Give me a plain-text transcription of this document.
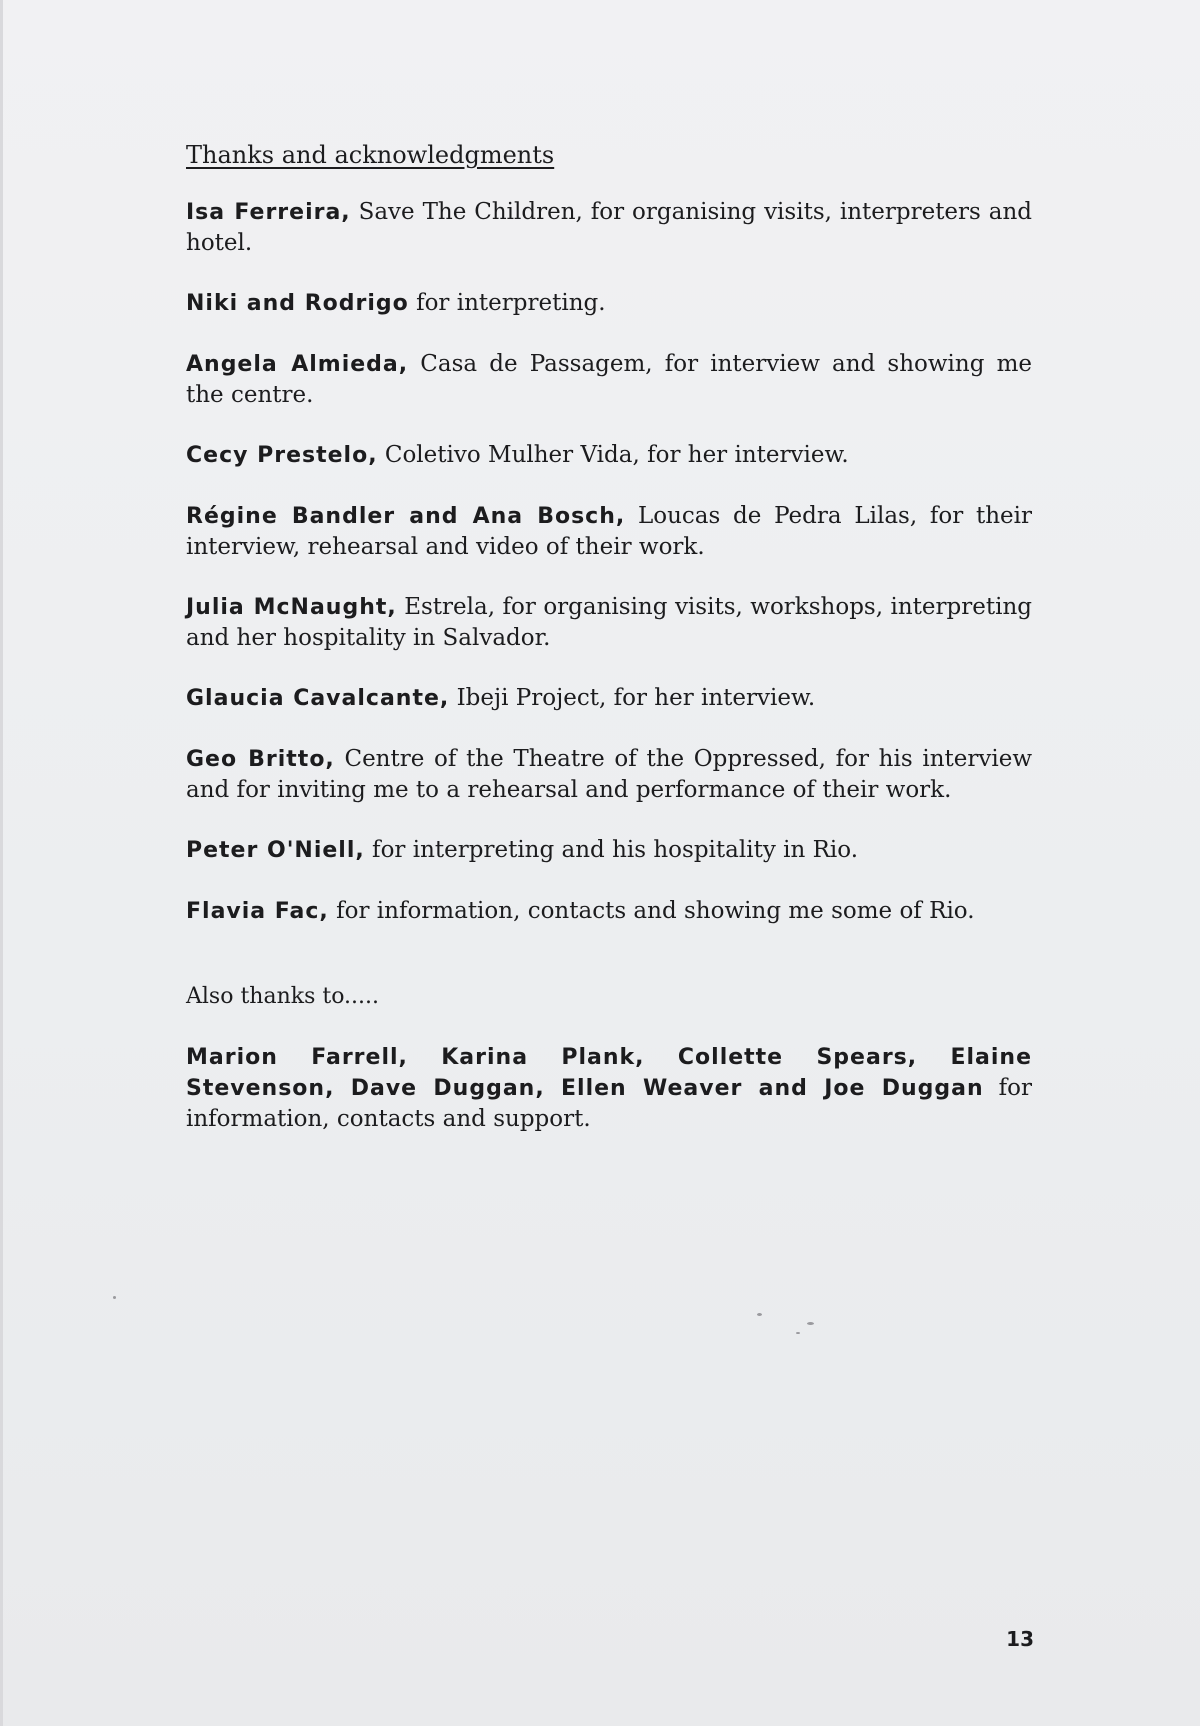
Thanks and acknowledgments

Isa Ferreira, Save The Children, for organising visits, interpreters and hotel.

Niki and Rodrigo for interpreting.

Angela Almieda, Casa de Passagem, for interview and showing me the centre.

Cecy Prestelo, Coletivo Mulher Vida, for her interview.

Régine Bandler and Ana Bosch, Loucas de Pedra Lilas, for their interview, rehearsal and video of their work.

Julia McNaught, Estrela, for organising visits, workshops, interpreting and her hospitality in Salvador.

Glaucia Cavalcante, Ibeji Project, for her interview.

Geo Britto, Centre of the Theatre of the Oppressed, for his interview and for inviting me to a rehearsal and performance of their work.

Peter O'Niell, for interpreting and his hospitality in Rio.

Flavia Fac, for information, contacts and showing me some of Rio.

Also thanks to.....

Marion Farrell, Karina Plank, Collette Spears, Elaine Stevenson, Dave Duggan, Ellen Weaver and Joe Duggan for information, contacts and support.

13
